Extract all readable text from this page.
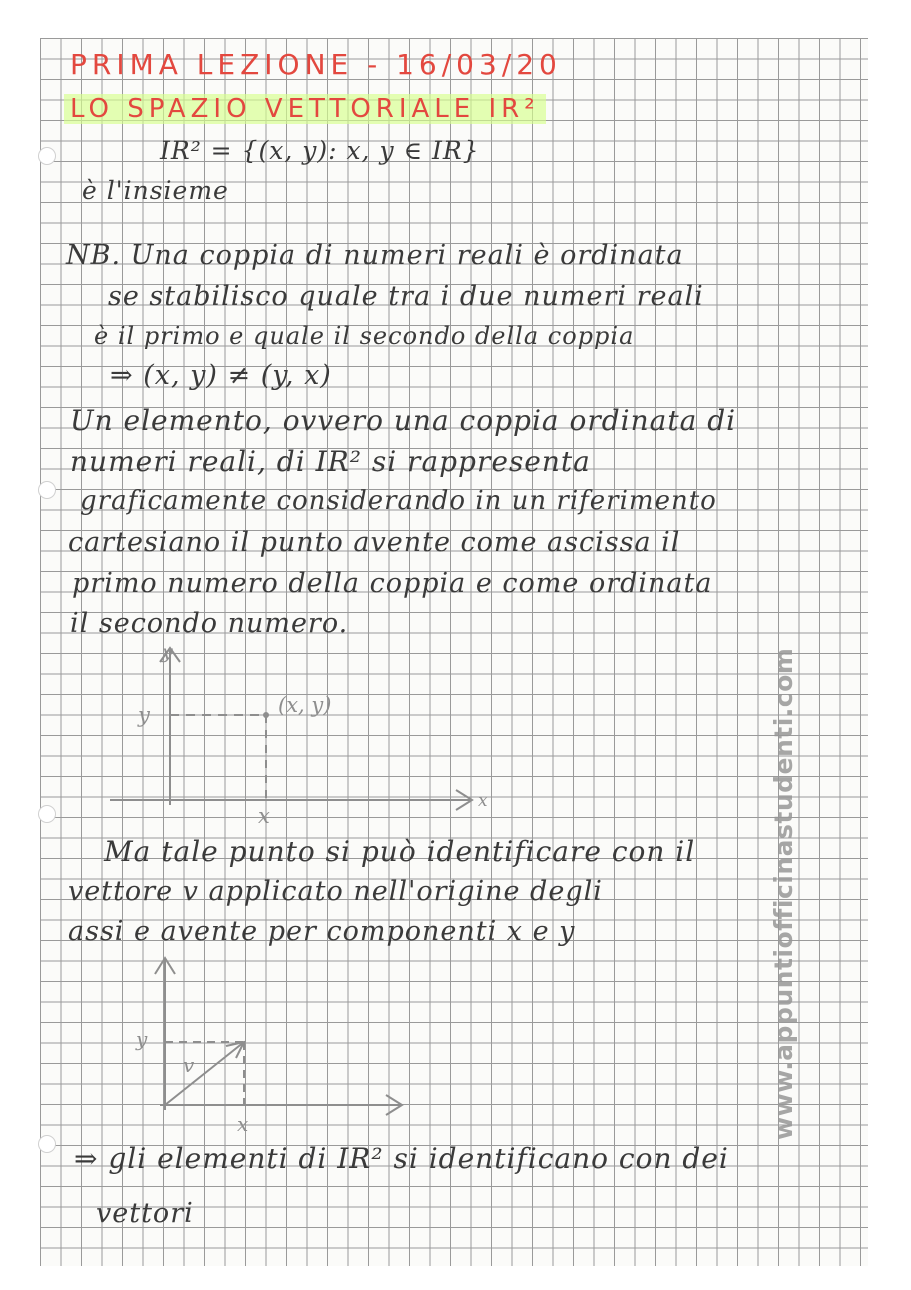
PRIMA LEZIONE - 16/03/20
LO SPAZIO VETTORIALE IR²
IR² = {(x, y): x, y ∈ IR}
è l'insieme
NB. Una coppia di numeri reali è ordinata
se stabilisco quale tra i due numeri reali
è il primo e quale il secondo della coppia
⇒ (x, y) ≠ (y, x)
Un elemento, ovvero una coppia ordinata di
numeri reali, di IR² si rappresenta
graficamente considerando in un riferimento
cartesiano il punto avente come ascissa il
primo numero della coppia e come ordinata
il secondo numero.
y
x
y
x
(x, y)
Ma tale punto si può identificare con il
vettore v applicato nell'origine degli
assi e avente per componenti x e y
y
x
v
⇒ gli elementi di IR² si identificano con dei
vettori
www.appuntiofficinastudenti.com
